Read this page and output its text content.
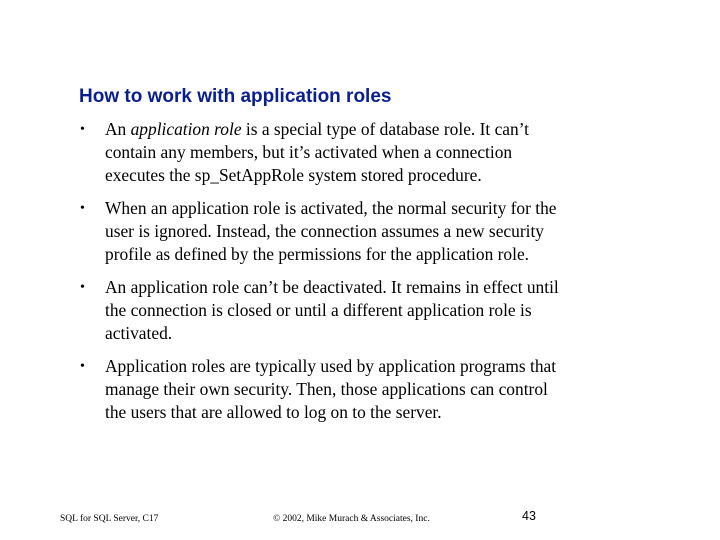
How to work with application roles
• An application role is a special type of database role. It can’t
contain any members, but it’s activated when a connection
executes the sp_SetAppRole system stored procedure.
• When an application role is activated, the normal security for the
user is ignored. Instead, the connection assumes a new security
profile as defined by the permissions for the application role.
• An application role can’t be deactivated. It remains in effect until
the connection is closed or until a different application role is
activated.
• Application roles are typically used by application programs that
manage their own security. Then, those applications can control
the users that are allowed to log on to the server.
SQL for SQL Server, C17	© 2002, Mike Murach & Associates, Inc.	43
